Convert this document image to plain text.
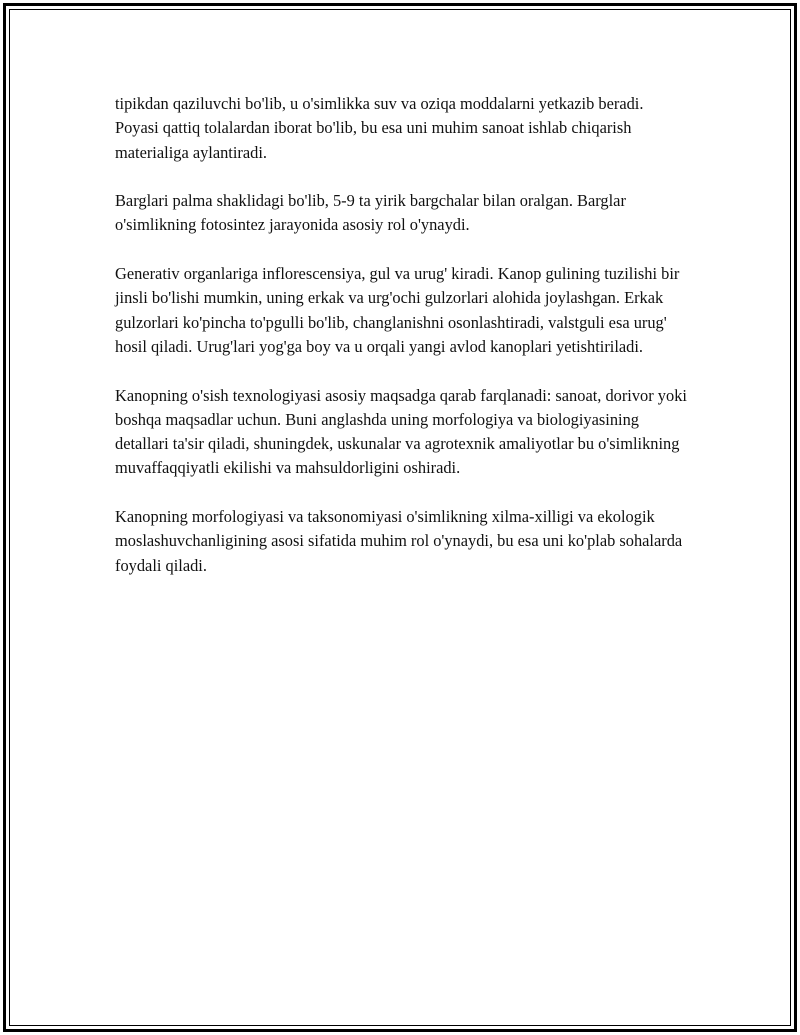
tipikdan qaziluvchi bo'lib, u o'simlikka suv va oziqa moddalarni yetkazib beradi. Poyasi qattiq tolalardan iborat bo'lib, bu esa uni muhim sanoat ishlab chiqarish materialiga aylantiradi.

Barglari palma shaklidagi bo'lib, 5-9 ta yirik bargchalar bilan oralgan. Barglar o'simlikning fotosintez jarayonida asosiy rol o'ynaydi.

Generativ organlariga inflorescensiya, gul va urug' kiradi. Kanop gulining tuzilishi bir jinsli bo'lishi mumkin, uning erkak va urg'ochi gulzorlari alohida joylashgan. Erkak gulzorlari ko'pincha to'pgulli bo'lib, changlanishni osonlashtiradi, valstguli esa urug' hosil qiladi. Urug'lari yog'ga boy va u orqali yangi avlod kanoplari yetishtiriladi.

Kanopning o'sish texnologiyasi asosiy maqsadga qarab farqlanadi: sanoat, dorivor yoki boshqa maqsadlar uchun. Buni anglashda uning morfologiya va biologiyasining detallari ta'sir qiladi, shuningdek, uskunalar va agrotexnik amaliyotlar bu o'simlikning muvaffaqqiyatli ekilishi va mahsuldorligini oshiradi.

Kanopning morfologiyasi va taksonomiyasi o'simlikning xilma-xilligi va ekologik moslashuvchanligining asosi sifatida muhim rol o'ynaydi, bu esa uni ko'plab sohalarda foydali qiladi.
